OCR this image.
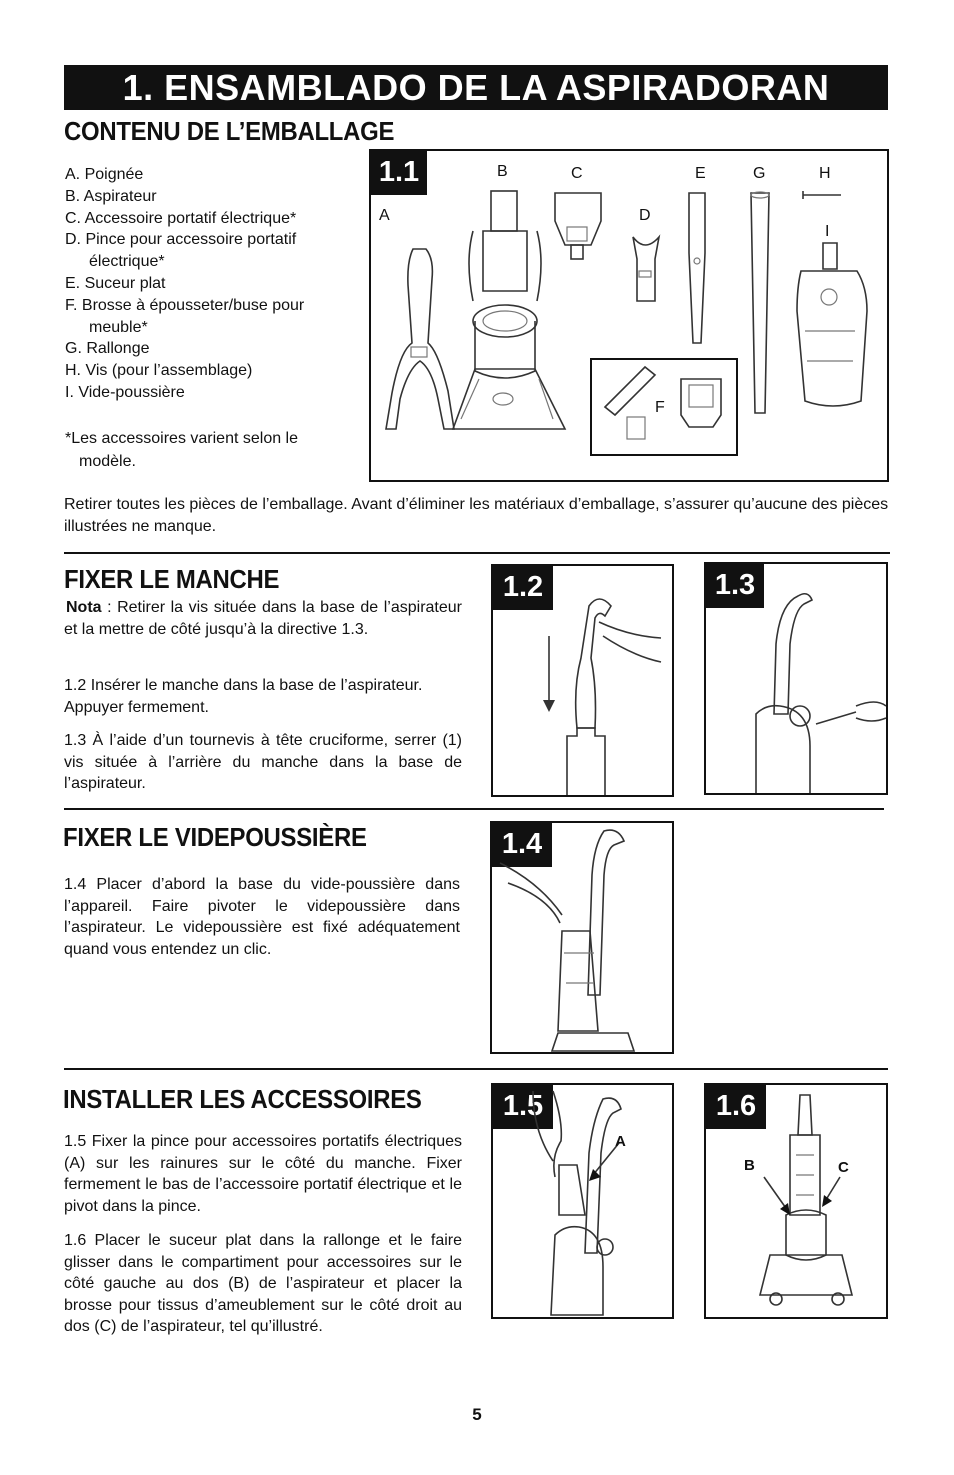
1. ENSAMBLADO DE LA ASPIRADORAN
CONTENU DE L’EMBALLAGE
A. Poignée
B. Aspirateur
C. Accessoire portatif électrique*
D. Pince pour accessoire portatif
électrique*
E. Suceur plat
F. Brosse à épousseter/buse pour
meuble*
G. Rallonge
H. Vis (pour l’assemblage)
I. Vide-poussière
*Les accessoires varient selon le
modèle.
1.1
A
B	C
D
E	G	H
I
F
Retirer toutes les pièces de l’emballage. Avant d’éliminer les matériaux d’emballage, s’assurer qu’aucune des pièces illustrées ne manque.
FIXER LE MANCHE
Nota : Retirer la vis située dans la base de l’aspirateur et la mettre de côté jusqu’à la directive 1.3.
1.2 Insérer le manche dans la base de l’aspirateur. Appuyer fermement.
1.3 À l’aide d’un tournevis à tête cruciforme, serrer (1) vis située à l’arrière du manche dans la base de l’aspirateur.
1.2	1.3
FIXER LE VIDEPOUSSIÈRE
1.4 Placer d’abord la base du vide-poussière dans l’appareil. Faire pivoter le videpoussière dans l’aspirateur. Le videpoussière est fixé adéquatement quand vous entendez un clic.
1.4
INSTALLER LES ACCESSOIRES
1.5 Fixer la pince pour accessoires portatifs électriques (A) sur les rainures sur le côté du manche. Fixer fermement le bas de l’accessoire portatif électrique et le pivot dans la pince.
1.6 Placer le suceur plat dans la rallonge et le faire glisser dans le compartiment pour accessoires sur le côté gauche au dos (B) de l’aspirateur et placer la brosse pour tissus d’ameublement sur le côté droit au dos (C) de l’aspirateur, tel qu’illustré.
1.5
A
1.6
B	C
5
